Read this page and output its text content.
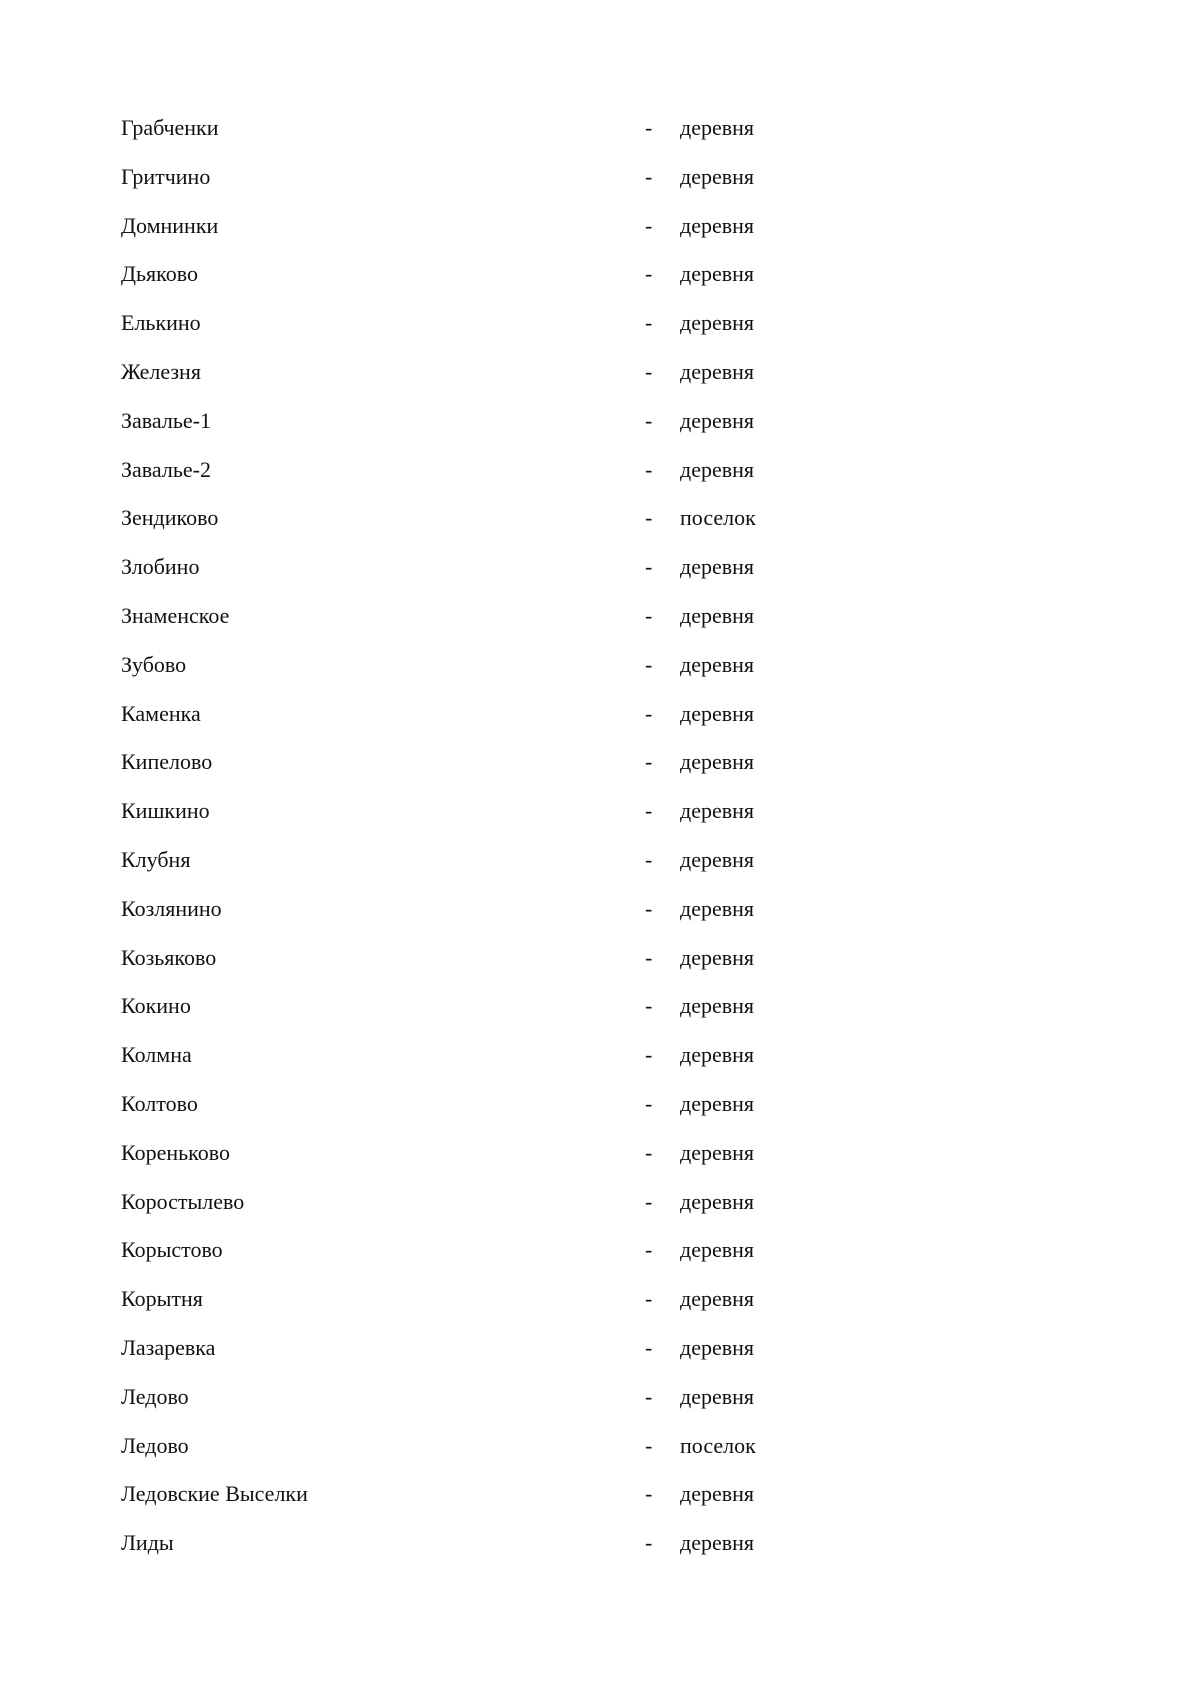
Грабченки	- деревня
Гритчино	- деревня
Домнинки	- деревня
Дьяково	- деревня
Елькино	- деревня
Железня	- деревня
Завалье-1	- деревня
Завалье-2	- деревня
Зендиково	- поселок
Злобино	- деревня
Знаменское	- деревня
Зубово	- деревня
Каменка	- деревня
Кипелово	- деревня
Кишкино	- деревня
Клубня	- деревня
Козлянино	- деревня
Козьяково	- деревня
Кокино	- деревня
Колмна	- деревня
Колтово	- деревня
Кореньково	- деревня
Коростылево	- деревня
Корыстово	- деревня
Корытня	- деревня
Лазаревка	- деревня
Ледово	- деревня
Ледово	- поселок
Ледовские Выселки	- деревня
Лиды	- деревня
